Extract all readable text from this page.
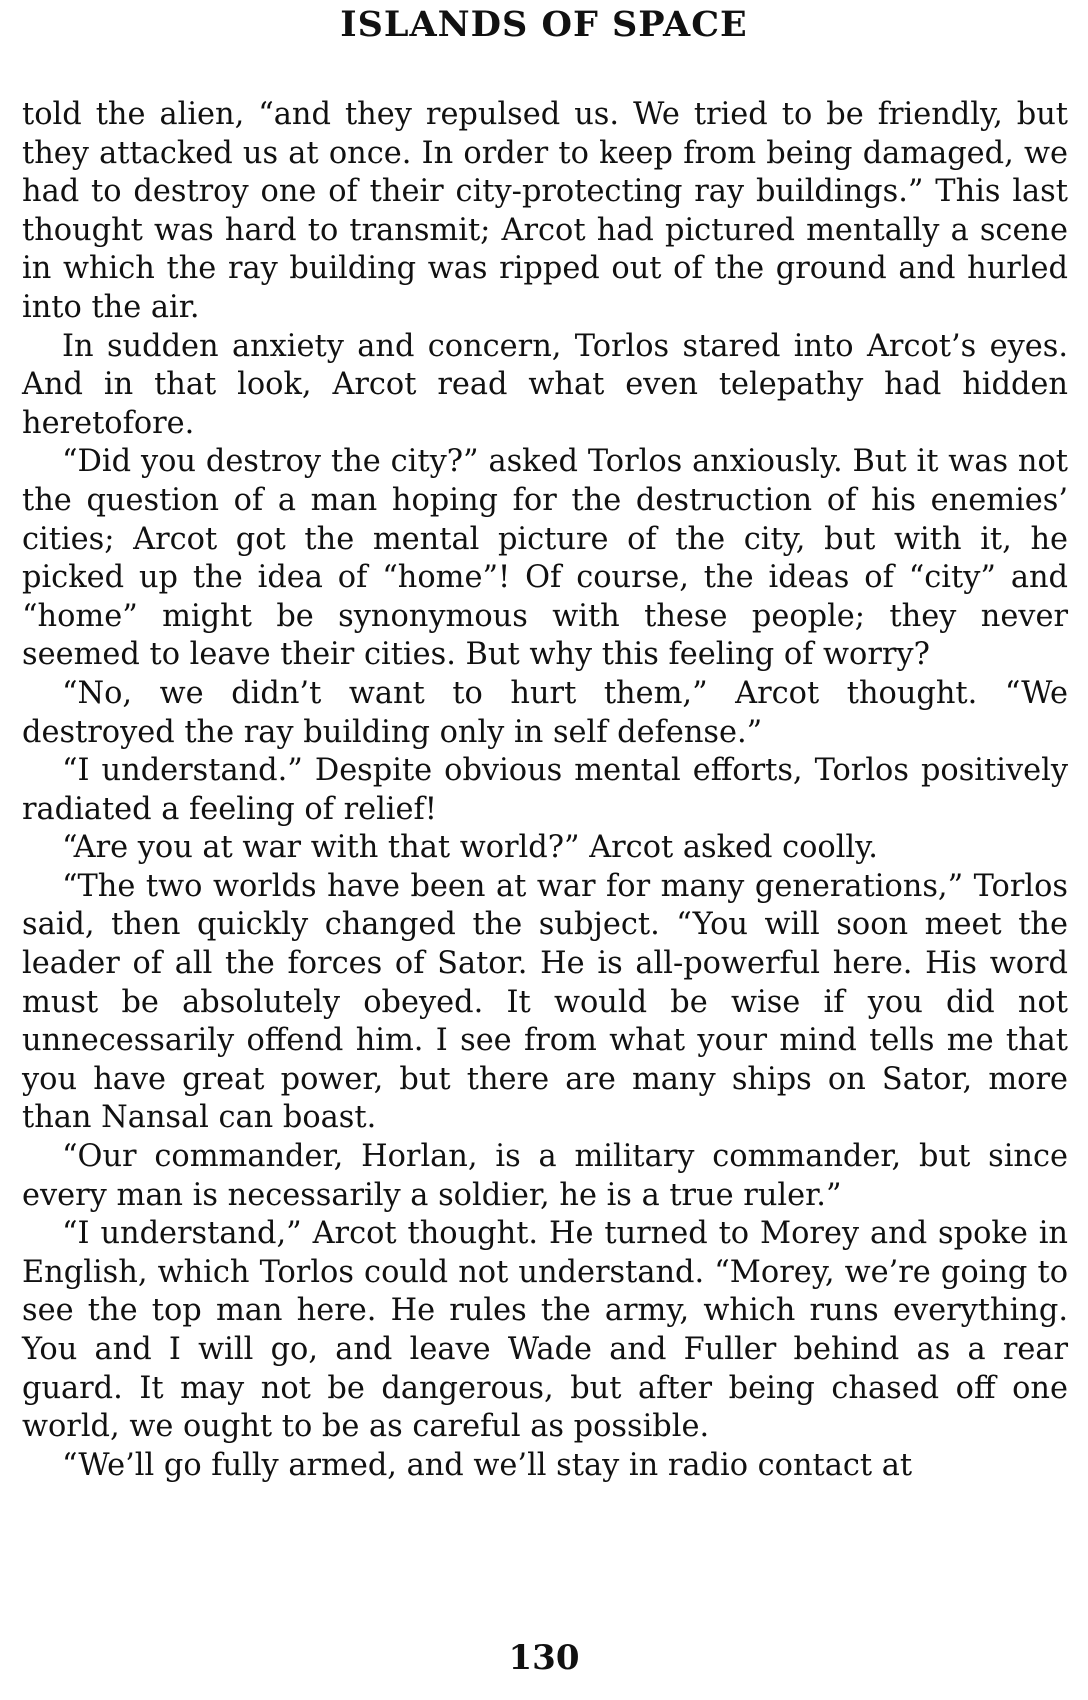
ISLANDS OF SPACE

told the alien, “and they repulsed us. We tried to be friendly, but they attacked us at once. In order to keep from being damaged, we had to destroy one of their city-protecting ray buildings.” This last thought was hard to transmit; Arcot had pictured mentally a scene in which the ray building was ripped out of the ground and hurled into the air.

In sudden anxiety and concern, Torlos stared into Arcot’s eyes. And in that look, Arcot read what even telepathy had hidden heretofore.

“Did you destroy the city?” asked Torlos anxiously. But it was not the question of a man hoping for the destruction of his enemies’ cities; Arcot got the mental picture of the city, but with it, he picked up the idea of “home”! Of course, the ideas of “city” and “home” might be synonymous with these people; they never seemed to leave their cities. But why this feeling of worry?

“No, we didn’t want to hurt them,” Arcot thought. “We destroyed the ray building only in self defense.”

“I understand.” Despite obvious mental efforts, Torlos positively radiated a feeling of relief!

“Are you at war with that world?” Arcot asked coolly.

“The two worlds have been at war for many generations,” Torlos said, then quickly changed the subject. “You will soon meet the leader of all the forces of Sator. He is all-powerful here. His word must be absolutely obeyed. It would be wise if you did not unnecessarily offend him. I see from what your mind tells me that you have great power, but there are many ships on Sator, more than Nansal can boast.

“Our commander, Horlan, is a military commander, but since every man is necessarily a soldier, he is a true ruler.”

“I understand,” Arcot thought. He turned to Morey and spoke in English, which Torlos could not understand. “Morey, we’re going to see the top man here. He rules the army, which runs everything. You and I will go, and leave Wade and Fuller behind as a rear guard. It may not be dangerous, but after being chased off one world, we ought to be as careful as possible.

“We’ll go fully armed, and we’ll stay in radio contact at

130
